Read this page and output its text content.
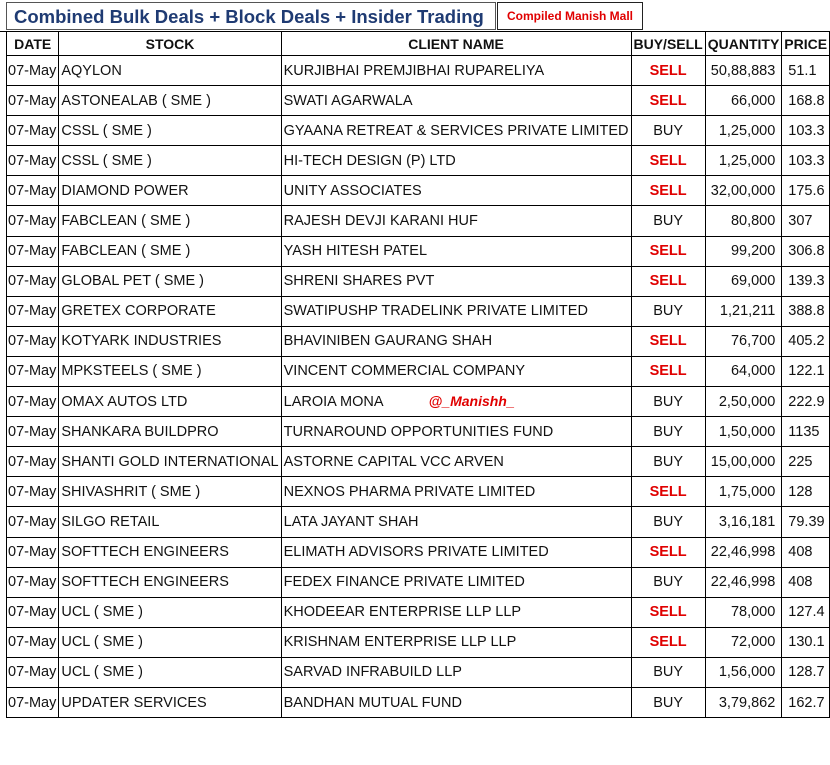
Combined Bulk Deals + Block Deals + Insider Trading	Compiled Manish Mall
DATE	STOCK	CLIENT NAME	BUY/SELL	QUANTITY	PRICE
07-May	AQYLON	KURJIBHAI PREMJIBHAI RUPARELIYA	SELL	50,88,883	51.1
07-May	ASTONEALAB ( SME )	SWATI AGARWALA	SELL	66,000	168.8
07-May	CSSL ( SME )	GYAANA RETREAT & SERVICES PRIVATE LIMITED	BUY	1,25,000	103.3
07-May	CSSL ( SME )	HI-TECH DESIGN (P) LTD	SELL	1,25,000	103.3
07-May	DIAMOND POWER	UNITY ASSOCIATES	SELL	32,00,000	175.6
07-May	FABCLEAN ( SME )	RAJESH DEVJI KARANI HUF	BUY	80,800	307
07-May	FABCLEAN ( SME )	YASH HITESH PATEL	SELL	99,200	306.8
07-May	GLOBAL PET ( SME )	SHRENI SHARES PVT	SELL	69,000	139.3
07-May	GRETEX CORPORATE	SWATIPUSHP TRADELINK PRIVATE LIMITED	BUY	1,21,211	388.8
07-May	KOTYARK INDUSTRIES	BHAVINIBEN GAURANG SHAH	SELL	76,700	405.2
07-May	MPKSTEELS ( SME )	VINCENT COMMERCIAL COMPANY	SELL	64,000	122.1
07-May	OMAX AUTOS LTD	LAROIA MONA @_Manishh_	BUY	2,50,000	222.9
07-May	SHANKARA BUILDPRO	TURNAROUND OPPORTUNITIES FUND	BUY	1,50,000	1135
07-May	SHANTI GOLD INTERNATIONAL	ASTORNE CAPITAL VCC ARVEN	BUY	15,00,000	225
07-May	SHIVASHRIT ( SME )	NEXNOS PHARMA PRIVATE LIMITED	SELL	1,75,000	128
07-May	SILGO RETAIL	LATA JAYANT SHAH	BUY	3,16,181	79.39
07-May	SOFTTECH ENGINEERS	ELIMATH ADVISORS PRIVATE LIMITED	SELL	22,46,998	408
07-May	SOFTTECH ENGINEERS	FEDEX FINANCE PRIVATE LIMITED	BUY	22,46,998	408
07-May	UCL ( SME )	KHODEEAR ENTERPRISE LLP LLP	SELL	78,000	127.4
07-May	UCL ( SME )	KRISHNAM ENTERPRISE LLP LLP	SELL	72,000	130.1
07-May	UCL ( SME )	SARVAD INFRABUILD LLP	BUY	1,56,000	128.7
07-May	UPDATER SERVICES	BANDHAN MUTUAL FUND	BUY	3,79,862	162.7
